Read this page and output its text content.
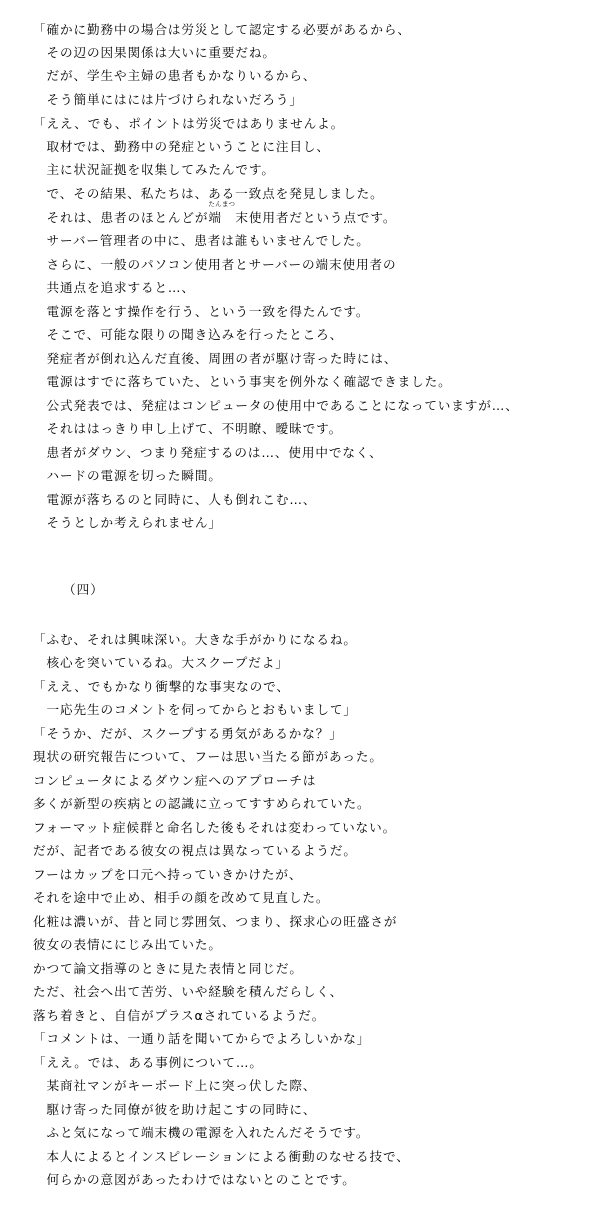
「確かに勤務中の場合は労災として認定する必要があるから、
　その辺の因果関係は大いに重要だね。
　だが、学生や主婦の患者もかなりいるから、
　そう簡単にはには片づけられないだろう」
「ええ、でも、ポイントは労災ではありませんよ。
　取材では、勤務中の発症ということに注目し、
　主に状況証拠を収集してみたんです。
　で、その結果、私たちは、ある一致点を発見しました。
　それは、患者のほとんどが
たんまつ
端　末使用者だという点です。
　サーバー管理者の中に、患者は誰もいませんでした。
　さらに、一般のパソコン使用者とサーバーの端末使用者の
　共通点を追求すると…、
　電源を落とす操作を行う、という一致を得たんです。
　そこで、可能な限りの聞き込みを行ったところ、
　発症者が倒れ込んだ直後、周囲の者が駆け寄った時には、
　電源はすでに落ちていた、という事実を例外なく確認できました。
　公式発表では、発症はコンピュータの使用中であることになっていますが…、
　それははっきり申し上げて、不明瞭、曖昧です。
　患者がダウン、つまり発症するのは…、使用中でなく、
　ハードの電源を切った瞬間。
　電源が落ちるのと同時に、人も倒れこむ…、
　そうとしか考えられません」
（四）
「ふむ、それは興味深い。大きな手がかりになるね。
　核心を突いているね。大スクープだよ」
「ええ、でもかなり衝撃的な事実なので、
　一応先生のコメントを伺ってからとおもいまして」
「そうか、だが、スクープする勇気があるかな？」
現状の研究報告について、フーは思い当たる節があった。
コンピュータによるダウン症へのアプローチは
多くが新型の疾病との認識に立ってすすめられていた。
フォーマット症候群と命名した後もそれは変わっていない。
だが、記者である彼女の視点は異なっているようだ。
フーはカップを口元へ持っていきかけたが、
それを途中で止め、相手の顔を改めて見直した。
化粧は濃いが、昔と同じ雰囲気、つまり、探求心の旺盛さが
彼女の表情ににじみ出ていた。
かつて論文指導のときに見た表情と同じだ。
ただ、社会へ出て苦労、いや経験を積んだらしく、
落ち着きと、自信がプラスαされているようだ。
「コメントは、一通り話を聞いてからでよろしいかな」
「ええ。では、ある事例について…。
　某商社マンがキーボード上に突っ伏した際、
　駆け寄った同僚が彼を助け起こすの同時に、
　ふと気になって端末機の電源を入れたんだそうです。
　本人によるとインスピレーションによる衝動のなせる技で、
　何らかの意図があったわけではないとのことです。
